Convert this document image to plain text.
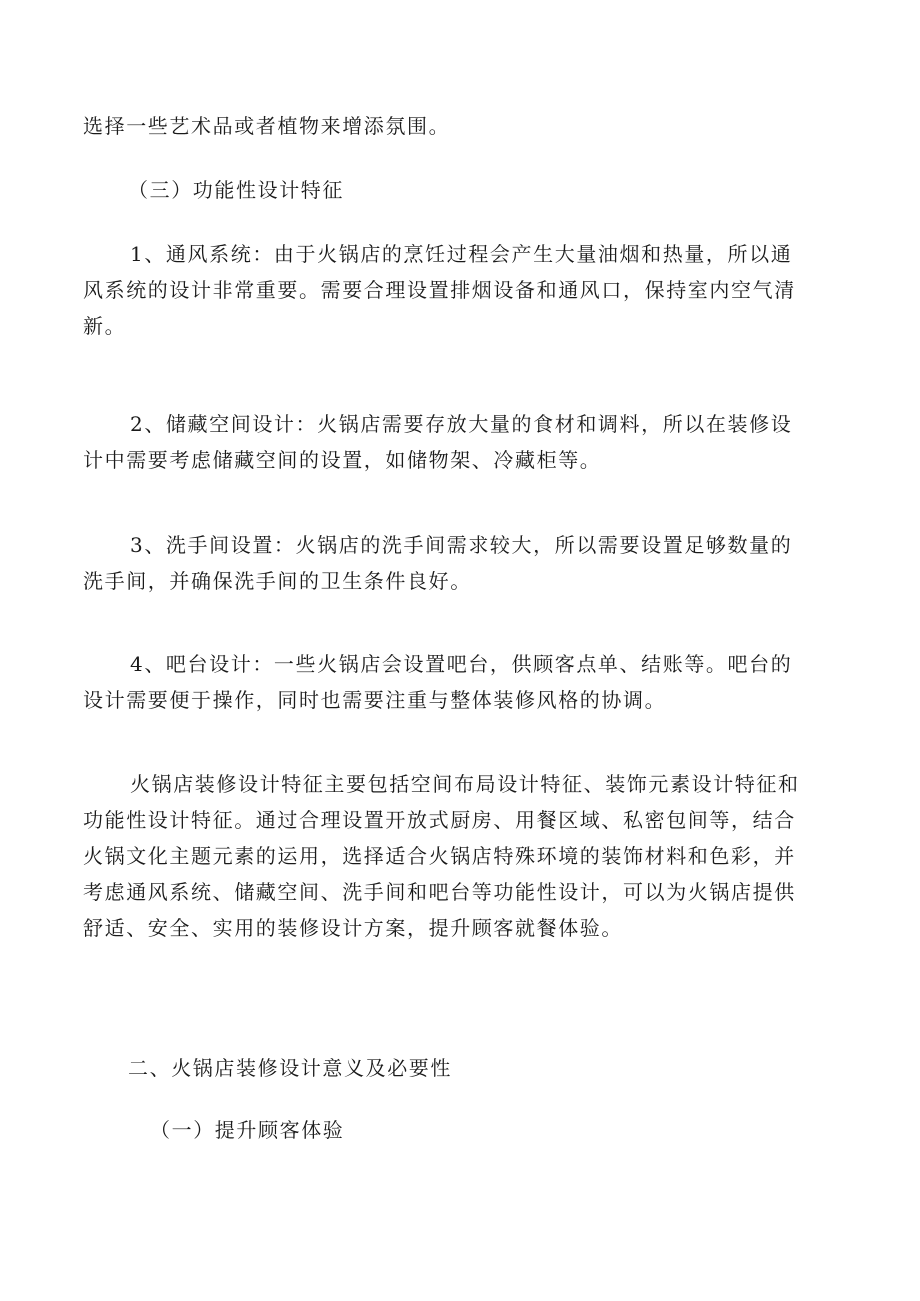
选择一些艺术品或者植物来增添氛围。

（三）功能性设计特征

1、通风系统：由于火锅店的烹饪过程会产生大量油烟和热量，所以通
风系统的设计非常重要。需要合理设置排烟设备和通风口，保持室内空气清
新。

2、储藏空间设计：火锅店需要存放大量的食材和调料，所以在装修设
计中需要考虑储藏空间的设置，如储物架、冷藏柜等。

3、洗手间设置：火锅店的洗手间需求较大，所以需要设置足够数量的
洗手间，并确保洗手间的卫生条件良好。

4、吧台设计：一些火锅店会设置吧台，供顾客点单、结账等。吧台的
设计需要便于操作，同时也需要注重与整体装修风格的协调。

火锅店装修设计特征主要包括空间布局设计特征、装饰元素设计特征和
功能性设计特征。通过合理设置开放式厨房、用餐区域、私密包间等，结合
火锅文化主题元素的运用，选择适合火锅店特殊环境的装饰材料和色彩，并
考虑通风系统、储藏空间、洗手间和吧台等功能性设计，可以为火锅店提供
舒适、安全、实用的装修设计方案，提升顾客就餐体验。

二、火锅店装修设计意义及必要性

（一）提升顾客体验
